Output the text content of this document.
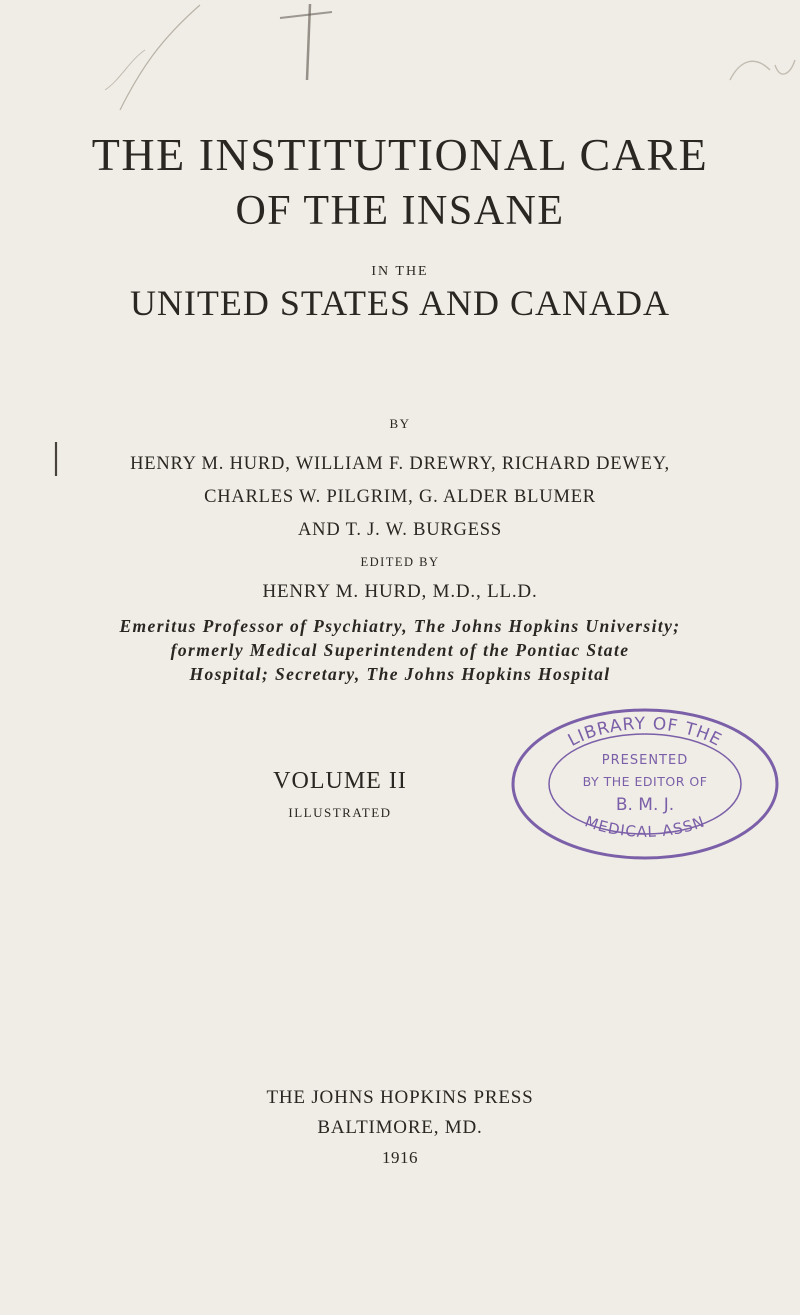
THE INSTITUTIONAL CARE
OF THE INSANE
IN THE
UNITED STATES AND CANADA
BY
HENRY M. HURD, WILLIAM F. DREWRY, RICHARD DEWEY,
CHARLES W. PILGRIM, G. ALDER BLUMER
AND T. J. W. BURGESS
EDITED BY
HENRY M. HURD, M.D., LL.D.
Emeritus Professor of Psychiatry, The Johns Hopkins University;
formerly Medical Superintendent of the Pontiac State
Hospital; Secretary, The Johns Hopkins Hospital
VOLUME II
ILLUSTRATED
LIBRARY OF THE
MEDICAL ASSN
PRESENTED
BY THE EDITOR OF
B. M. J.
THE JOHNS HOPKINS PRESS
BALTIMORE, MD.
1916
